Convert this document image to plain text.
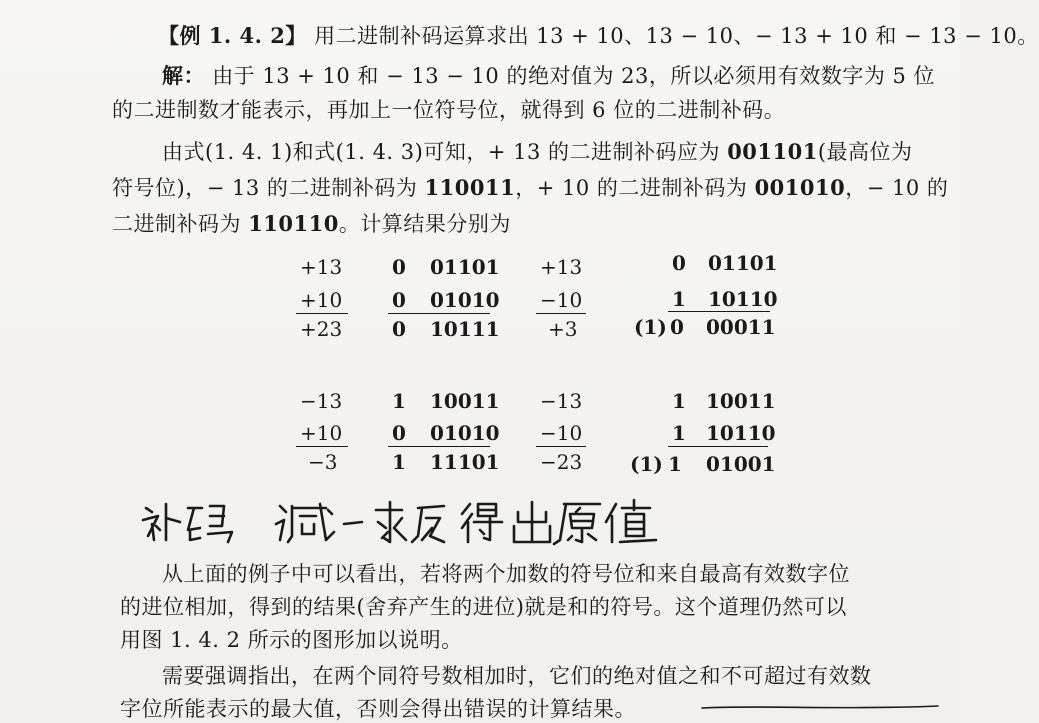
【例 1. 4. 2】 用二进制补码运算求出 13 + 10、13 − 10、− 13 + 10 和 − 13 − 10。
解： 由于 13 + 10 和 − 13 − 10 的绝对值为 23，所以必须用有效数字为 5 位
的二进制数才能表示，再加上一位符号位，就得到 6 位的二进制补码。
由式(1. 4. 1)和式(1. 4. 3)可知，+ 13 的二进制补码应为 001101(最高位为
符号位)，− 13 的二进制补码为 110011，+ 10 的二进制补码为 001010，− 10 的
二进制补码为 110110。计算结果分别为
+13 0 01101
+10 0 01010
+23 0 10111
+13	0 01101
−10	1 10110
+3	(1) 0 00011
−13 1 10011
+10 0 01010
−3	1 11101
−13	1 10011
−10	1 10110
−23 (1) 1 01001
从上面的例子中可以看出，若将两个加数的符号位和来自最高有效数字位
的进位相加，得到的结果(舍弃产生的进位)就是和的符号。这个道理仍然可以
用图 1. 4. 2 所示的图形加以说明。
需要强调指出，在两个同符号数相加时，它们的绝对值之和不可超过有效数
字位所能表示的最大值，否则会得出错误的计算结果。
